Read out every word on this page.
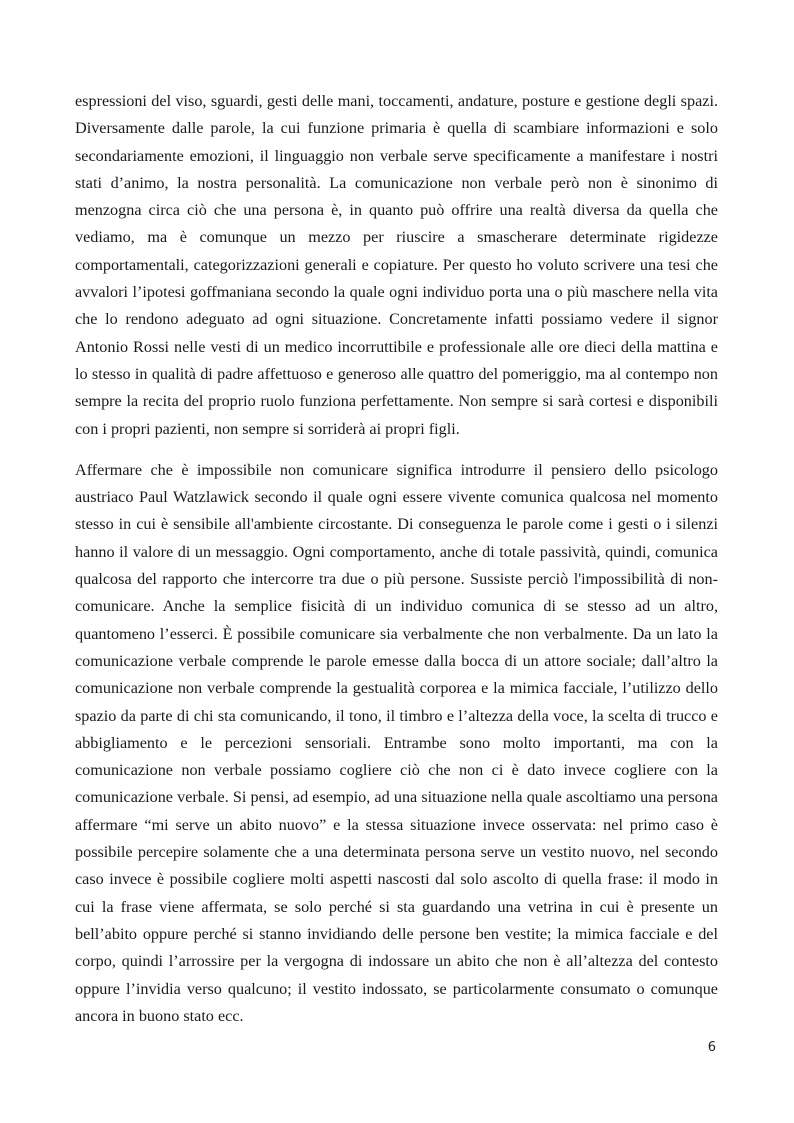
espressioni del viso, sguardi, gesti delle mani, toccamenti, andature, posture e gestione degli spazi. Diversamente dalle parole, la cui funzione primaria è quella di scambiare informazioni e solo secondariamente emozioni, il linguaggio non verbale serve specificamente a manifestare i nostri stati d’animo, la nostra personalità. La comunicazione non verbale però non è sinonimo di menzogna circa ciò che una persona è, in quanto può offrire una realtà diversa da quella che vediamo, ma è comunque un mezzo per riuscire a smascherare determinate rigidezze comportamentali, categorizzazioni generali e copiature. Per questo ho voluto scrivere una tesi che avvalori l’ipotesi goffmaniana secondo la quale ogni individuo porta una o più maschere nella vita che lo rendono adeguato ad ogni situazione. Concretamente infatti possiamo vedere il signor Antonio Rossi nelle vesti di un medico incorruttibile e professionale alle ore dieci della mattina e lo stesso in qualità di padre affettuoso e generoso alle quattro del pomeriggio, ma al contempo non sempre la recita del proprio ruolo funziona perfettamente. Non sempre si sarà cortesi e disponibili con i propri pazienti, non sempre si sorriderà ai propri figli.

Affermare che è impossibile non comunicare significa introdurre il pensiero dello psicologo austriaco Paul Watzlawick secondo il quale ogni essere vivente comunica qualcosa nel momento stesso in cui è sensibile all'ambiente circostante. Di conseguenza le parole come i gesti o i silenzi hanno il valore di un messaggio. Ogni comportamento, anche di totale passività, quindi, comunica qualcosa del rapporto che intercorre tra due o più persone. Sussiste perciò l'impossibilità di non-comunicare. Anche la semplice fisicità di un individuo comunica di se stesso ad un altro, quantomeno l’esserci. È possibile comunicare sia verbalmente che non verbalmente. Da un lato la comunicazione verbale comprende le parole emesse dalla bocca di un attore sociale; dall’altro la comunicazione non verbale comprende la gestualità corporea e la mimica facciale, l’utilizzo dello spazio da parte di chi sta comunicando, il tono, il timbro e l’altezza della voce, la scelta di trucco e abbigliamento e le percezioni sensoriali. Entrambe sono molto importanti, ma con la comunicazione non verbale possiamo cogliere ciò che non ci è dato invece cogliere con la comunicazione verbale. Si pensi, ad esempio, ad una situazione nella quale ascoltiamo una persona affermare “mi serve un abito nuovo” e la stessa situazione invece osservata: nel primo caso è possibile percepire solamente che a una determinata persona serve un vestito nuovo, nel secondo caso invece è possibile cogliere molti aspetti nascosti dal solo ascolto di quella frase: il modo in cui la frase viene affermata, se solo perché si sta guardando una vetrina in cui è presente un bell’abito oppure perché si stanno invidiando delle persone ben vestite; la mimica facciale e del corpo, quindi l’arrossire per la vergogna di indossare un abito che non è all’altezza del contesto oppure l’invidia verso qualcuno; il vestito indossato, se particolarmente consumato o comunque ancora in buono stato ecc.

6
